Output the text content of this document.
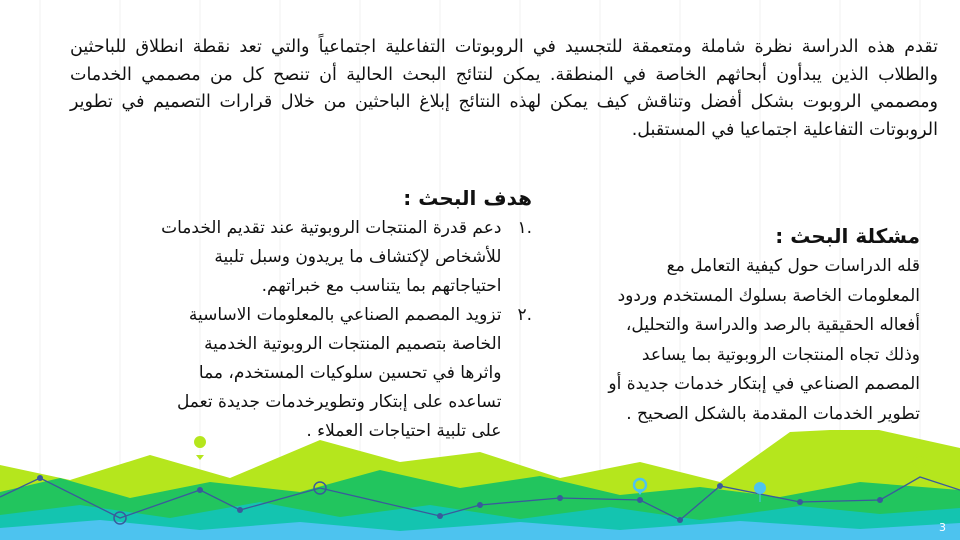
تقدم هذه الدراسة نظرة شاملة ومتعمقة للتجسيد في الروبوتات التفاعلية اجتماعياً والتي تعد نقطة انطلاق للباحثين والطلاب الذين يبدأون أبحاثهم الخاصة في المنطقة. يمكن لنتائج البحث الحالية أن تنصح كل من مصممي الخدمات ومصممي الروبوت بشكل أفضل وتناقش كيف يمكن لهذه النتائج إبلاغ الباحثين من خلال قرارات التصميم في تطوير الروبوتات التفاعلية اجتماعيا في المستقبل.
هدف البحث :
.١
دعم قدرة المنتجات الروبوتية عند تقديم الخدمات للأشخاص لإكتشاف ما يريدون وسبل تلبية احتياجاتهم بما يتناسب مع خبراتهم.
.٢
تزويد المصمم الصناعي بالمعلومات الاساسية الخاصة بتصميم المنتجات الروبوتية الخدمية واثرها في تحسين سلوكيات المستخدم، مما تساعده على إبتكار وتطويرخدمات جديدة تعمل على تلبية احتياجات العملاء .
مشكلة البحث :

قله الدراسات حول كيفية التعامل مع المعلومات الخاصة بسلوك المستخدم وردود أفعاله الحقيقية بالرصد والدراسة والتحليل، وذلك تجاه المنتجات الروبوتية بما يساعد المصمم الصناعي في إبتكار خدمات جديدة أو تطوير الخدمات المقدمة بالشكل الصحيح .

3
